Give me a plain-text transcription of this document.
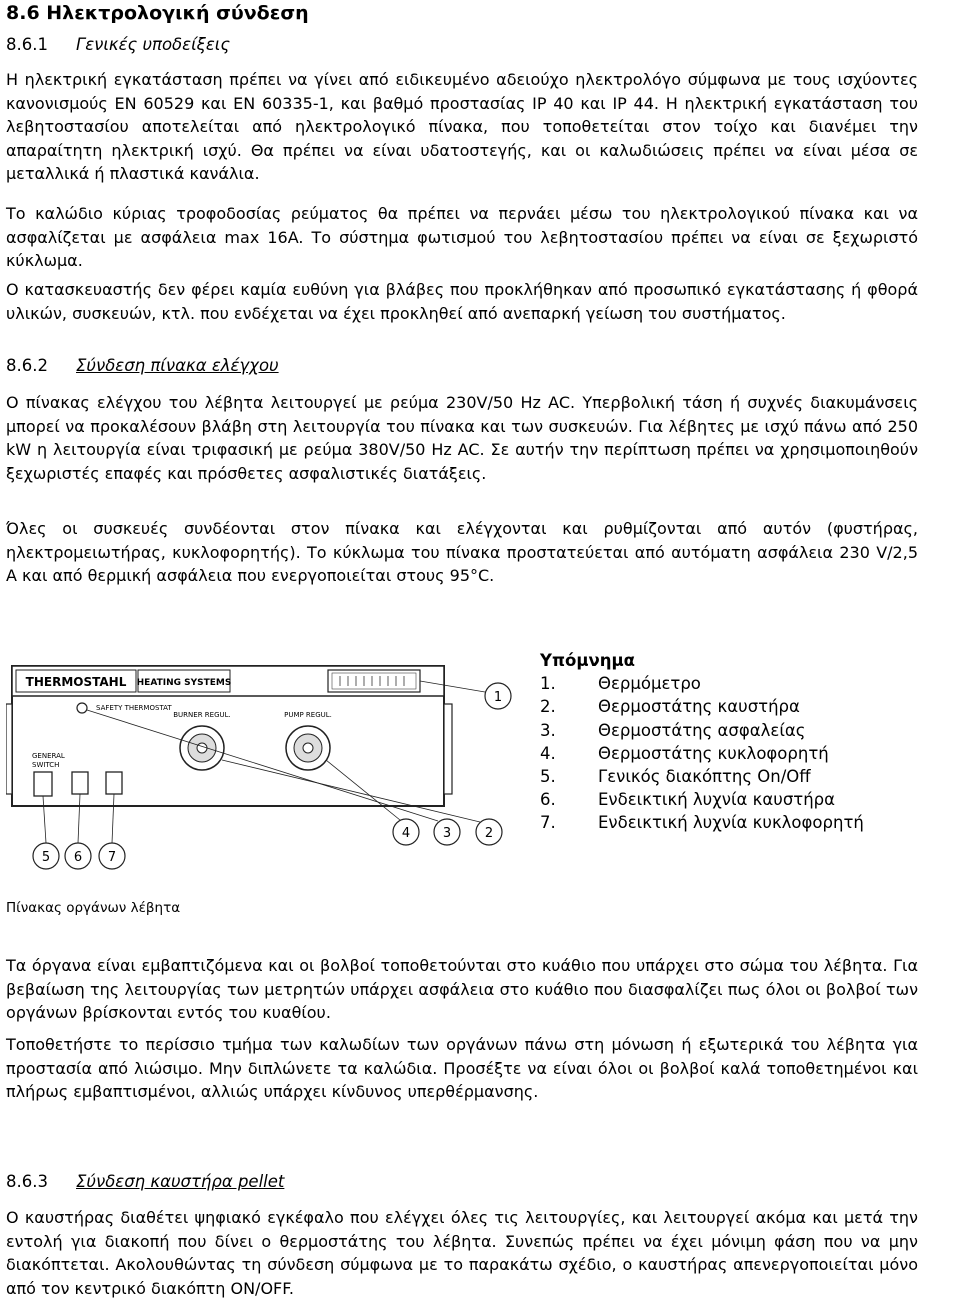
8.6 Ηλεκτρολογική σύνδεση
8.6.1 Γενικές υποδείξεις

Η ηλεκτρική εγκατάσταση πρέπει να γίνει από ειδικευμένο αδειούχο ηλεκτρολόγο σύμφωνα με τους ισχύοντες κανονισμούς EN 60529 και EN 60335-1, και βαθμό προστασίας IP 40 και IP 44. Η ηλεκτρική εγκατάσταση του λεβητοστασίου αποτελείται από ηλεκτρολογικό πίνακα, που τοποθετείται στον τοίχο και διανέμει την απαραίτητη ηλεκτρική ισχύ. Θα πρέπει να είναι υδατοστεγής, και οι καλωδιώσεις πρέπει να είναι μέσα σε μεταλλικά ή πλαστικά κανάλια.

Το καλώδιο κύριας τροφοδοσίας ρεύματος θα πρέπει να περνάει μέσω του ηλεκτρολογικού πίνακα και να ασφαλίζεται με ασφάλεια max 16A. Το σύστημα φωτισμού του λεβητοστασίου πρέπει να είναι σε ξεχωριστό κύκλωμα.

Ο κατασκευαστής δεν φέρει καμία ευθύνη για βλάβες που προκλήθηκαν από προσωπικό εγκατάστασης ή φθορά υλικών, συσκευών, κτλ. που ενδέχεται να έχει προκληθεί από ανεπαρκή γείωση του συστήματος.

8.6.2 Σύνδεση πίνακα ελέγχου

Ο πίνακας ελέγχου του λέβητα λειτουργεί με ρεύμα 230V/50 Hz AC. Υπερβολική τάση ή συχνές διακυμάνσεις μπορεί να προκαλέσουν βλάβη στη λειτουργία του πίνακα και των συσκευών. Για λέβητες με ισχύ πάνω από 250 kW η λειτουργία είναι τριφασική με ρεύμα 380V/50 Hz AC. Σε αυτήν την περίπτωση πρέπει να χρησιμοποιηθούν ξεχωριστές επαφές και πρόσθετες ασφαλιστικές διατάξεις.

Όλες οι συσκευές συνδέονται στον πίνακα και ελέγχονται και ρυθμίζονται από αυτόν (φυστήρας, ηλεκτρομειωτήρας, κυκλοφορητής). Το κύκλωμα του πίνακα προστατεύεται από αυτόματη ασφάλεια 230 V/2,5 A και από θερμική ασφάλεια που ενεργοποιείται στους 95°C.

THERMOSTAHL HEATING SYSTEMS
SAFETY THERMOSTAT
BURNER REGUL.	PUMP REGUL.
GENERAL
SWITCH
1
2
3
4
5 6 7
Υπόμνημα
1.	Θερμόμετρο
2.	Θερμοστάτης καυστήρα
3.	Θερμοστάτης ασφαλείας
4.	Θερμοστάτης κυκλοφορητή
5.	Γενικός διακόπτης On/Off
6.	Ενδεικτική λυχνία καυστήρα
7.	Ενδεικτική λυχνία κυκλοφορητή
Πίνακας οργάνων λέβητα

Τα όργανα είναι εμβαπτιζόμενα και οι βολβοί τοποθετούνται στο κυάθιο που υπάρχει στο σώμα του λέβητα. Για βεβαίωση της λειτουργίας των μετρητών υπάρχει ασφάλεια στο κυάθιο που διασφαλίζει πως όλοι οι βολβοί των οργάνων βρίσκονται εντός του κυαθίου.

Τοποθετήστε το περίσσιο τμήμα των καλωδίων των οργάνων πάνω στη μόνωση ή εξωτερικά του λέβητα για προστασία από λιώσιμο. Μην διπλώνετε τα καλώδια. Προσέξτε να είναι όλοι οι βολβοί καλά τοποθετημένοι και πλήρως εμβαπτισμένοι, αλλιώς υπάρχει κίνδυνος υπερθέρμανσης.

8.6.3 Σύνδεση καυστήρα pellet

Ο καυστήρας διαθέτει ψηφιακό εγκέφαλο που ελέγχει όλες τις λειτουργίες, και λειτουργεί ακόμα και μετά την εντολή για διακοπή που δίνει ο θερμοστάτης του λέβητα. Συνεπώς πρέπει να έχει μόνιμη φάση που να μην διακόπτεται. Ακολουθώντας τη σύνδεση σύμφωνα με το παρακάτω σχέδιο, ο καυστήρας απενεργοποιείται μόνο από τον κεντρικό διακόπτη ON/OFF.
